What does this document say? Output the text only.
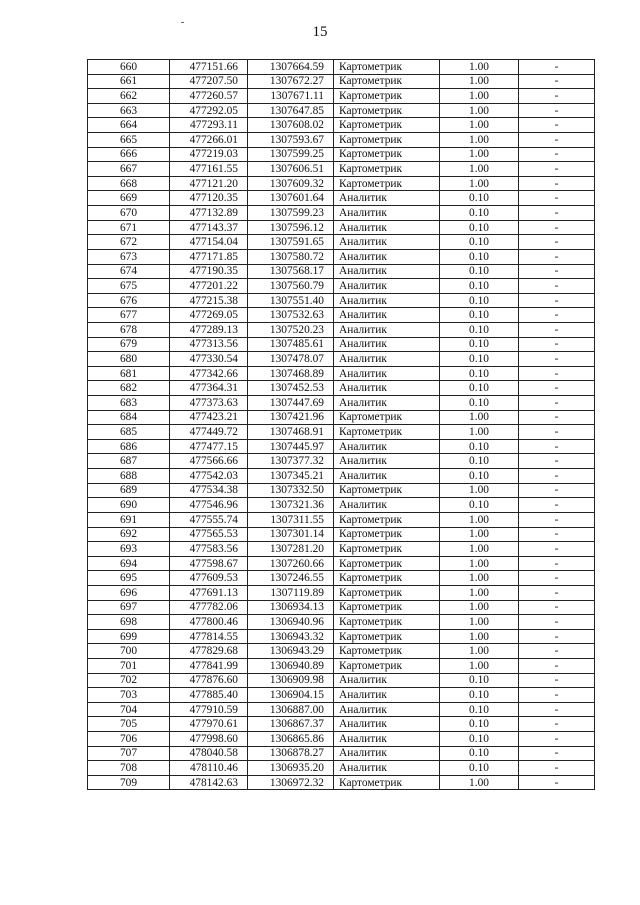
15
660	477151.66	1307664.59	Картометрик	1.00	-
661	477207.50	1307672.27	Картометрик	1.00	-
662	477260.57	1307671.11	Картометрик	1.00	-
663	477292.05	1307647.85	Картометрик	1.00	-
664	477293.11	1307608.02	Картометрик	1.00	-
665	477266.01	1307593.67	Картометрик	1.00	-
666	477219.03	1307599.25	Картометрик	1.00	-
667	477161.55	1307606.51	Картометрик	1.00	-
668	477121.20	1307609.32	Картометрик	1.00	-
669	477120.35	1307601.64	Аналитик	0.10	-
670	477132.89	1307599.23	Аналитик	0.10	-
671	477143.37	1307596.12	Аналитик	0.10	-
672	477154.04	1307591.65	Аналитик	0.10	-
673	477171.85	1307580.72	Аналитик	0.10	-
674	477190.35	1307568.17	Аналитик	0.10	-
675	477201.22	1307560.79	Аналитик	0.10	-
676	477215.38	1307551.40	Аналитик	0.10	-
677	477269.05	1307532.63	Аналитик	0.10	-
678	477289.13	1307520.23	Аналитик	0.10	-
679	477313.56	1307485.61	Аналитик	0.10	-
680	477330.54	1307478.07	Аналитик	0.10	-
681	477342.66	1307468.89	Аналитик	0.10	-
682	477364.31	1307452.53	Аналитик	0.10	-
683	477373.63	1307447.69	Аналитик	0.10	-
684	477423.21	1307421.96	Картометрик	1.00	-
685	477449.72	1307468.91	Картометрик	1.00	-
686	477477.15	1307445.97	Аналитик	0.10	-
687	477566.66	1307377.32	Аналитик	0.10	-
688	477542.03	1307345.21	Аналитик	0.10	-
689	477534.38	1307332.50	Картометрик	1.00	-
690	477546.96	1307321.36	Аналитик	0.10	-
691	477555.74	1307311.55	Картометрик	1.00	-
692	477565.53	1307301.14	Картометрик	1.00	-
693	477583.56	1307281.20	Картометрик	1.00	-
694	477598.67	1307260.66	Картометрик	1.00	-
695	477609.53	1307246.55	Картометрик	1.00	-
696	477691.13	1307119.89	Картометрик	1.00	-
697	477782.06	1306934.13	Картометрик	1.00	-
698	477800.46	1306940.96	Картометрик	1.00	-
699	477814.55	1306943.32	Картометрик	1.00	-
700	477829.68	1306943.29	Картометрик	1.00	-
701	477841.99	1306940.89	Картометрик	1.00	-
702	477876.60	1306909.98	Аналитик	0.10	-
703	477885.40	1306904.15	Аналитик	0.10	-
704	477910.59	1306887.00	Аналитик	0.10	-
705	477970.61	1306867.37	Аналитик	0.10	-
706	477998.60	1306865.86	Аналитик	0.10	-
707	478040.58	1306878.27	Аналитик	0.10	-
708	478110.46	1306935.20	Аналитик	0.10	-
709	478142.63	1306972.32	Картометрик	1.00	-
